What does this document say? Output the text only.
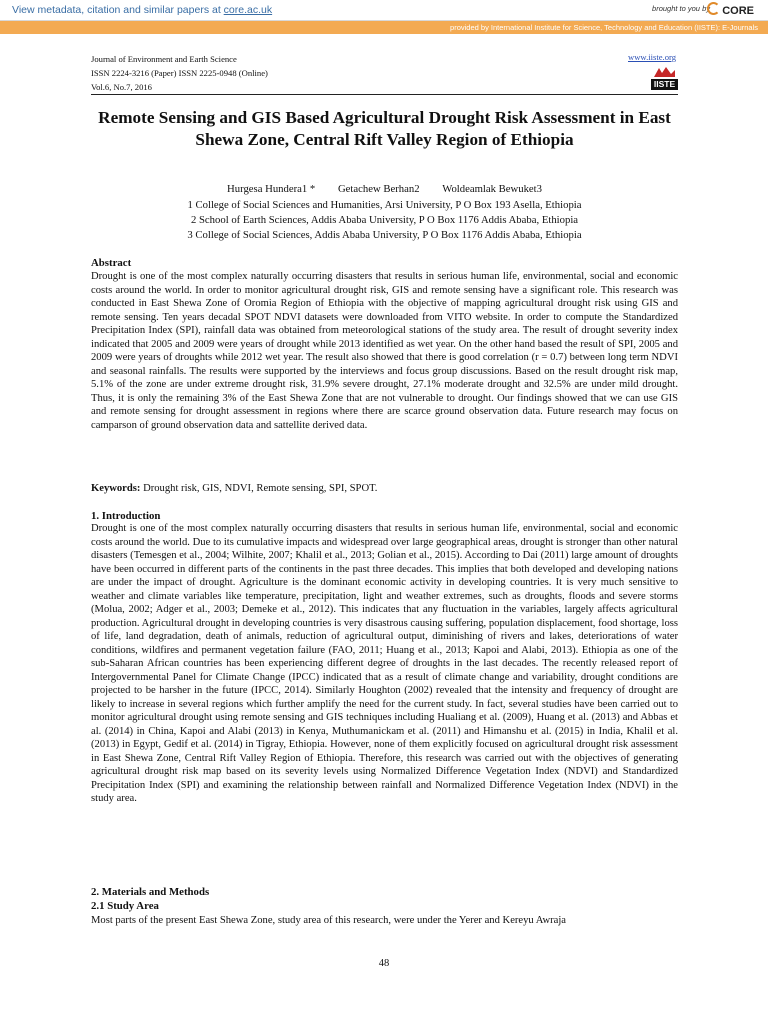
View metadata, citation and similar papers at core.ac.uk	brought to you by	CORE
provided by International Institute for Science, Technology and Education (IISTE): E-Journals
Journal of Environment and Earth Science
ISSN 2224-3216 (Paper) ISSN 2225-0948 (Online)
Vol.6, No.7, 2016
www.iiste.org
IISTE
Remote Sensing and GIS Based Agricultural Drought Risk Assessment in East Shewa Zone, Central Rift Valley Region of Ethiopia
Hurgesa Hundera1 * Getachew Berhan2 Woldeamlak Bewuket3
1 College of Social Sciences and Humanities, Arsi University, P O Box 193 Asella, Ethiopia
2 School of Earth Sciences, Addis Ababa University, P O Box 1176 Addis Ababa, Ethiopia
3 College of Social Sciences, Addis Ababa University, P O Box 1176 Addis Ababa, Ethiopia
Abstract
Drought is one of the most complex naturally occurring disasters that results in serious human life, environmental, social and economic costs around the world. In order to monitor agricultural drought risk, GIS and remote sensing have a significant role. This research was conducted in East Shewa Zone of Oromia Region of Ethiopia with the objective of mapping agricultural drought risk using GIS and remote sensing. Ten years decadal SPOT NDVI datasets were downloaded from VITO website. In order to compute the Standardized Precipitation Index (SPI), rainfall data was obtained from meteorological stations of the study area. The result of drought severity index indicated that 2005 and 2009 were years of drought while 2013 identified as wet year. On the other hand based the result of SPI, 2005 and 2009 were years of droughts while 2012 wet year. The result also showed that there is good correlation (r = 0.7) between long term NDVI and seasonal rainfalls. The results were supported by the interviews and focus group discussions. Based on the result drought risk map, 5.1% of the zone are under extreme drought risk, 31.9% severe drought, 27.1% moderate drought and 32.5% are under mild drought. Thus, it is only the remaining 3% of the East Shewa Zone that are not vulnerable to drought. Our findings showed that we can use GIS and remote sensing for drought assessment in regions where there are scarce ground observation data. Future research may focus on camparson of ground observation data and sattellite derived data.
Keywords: Drought risk, GIS, NDVI, Remote sensing, SPI, SPOT.
1. Introduction
Drought is one of the most complex naturally occurring disasters that results in serious human life, environmental, social and economic costs around the world. Due to its cumulative impacts and widespread over large geographical areas, drought is stronger than other natural disasters (Temesgen et al., 2004; Wilhite, 2007; Khalil et al., 2013; Golian et al., 2015). According to Dai (2011) large amount of droughts have been occurred in different parts of the continents in the past three decades. This implies that both developed and developing nations are under the impact of drought. Agriculture is the dominant economic activity in developing countries. It is very much sensitive to weather and climate variables like temperature, precipitation, light and weather extremes, such as droughts, floods and severe storms (Molua, 2002; Adger et al., 2003; Demeke et al., 2012). This indicates that any fluctuation in the variables, largely affects agricultural production. Agricultural drought in developing countries is very disastrous causing suffering, population displacement, food shortage, loss of life, land degradation, death of animals, reduction of agricultural output, diminishing of rivers and lakes, deteriorations of water conditions, wildfires and permanent vegetation failure (FAO, 2011; Huang et al., 2013; Kapoi and Alabi, 2013). Ethiopia as one of the sub-Saharan African countries has been experiencing different degree of droughts in the last decades. The recently released report of Intergovernmental Panel for Climate Change (IPCC) indicated that as a result of climate change and variability, drought conditions are projected to be harsher in the future (IPCC, 2014). Similarly Houghton (2002) revealed that the intensity and frequency of drought are likely to increase in several regions which further amplify the need for the current study. In fact, several studies have been carried out to monitor agricultural drought using remote sensing and GIS techniques including Hualiang et al. (2009), Huang et al. (2013) and Abbas et al. (2014) in China, Kapoi and Alabi (2013) in Kenya, Muthumanickam et al. (2011) and Himanshu et al. (2015) in India, Khalil et al. (2013) in Egypt, Gedif et al. (2014) in Tigray, Ethiopia. However, none of them explicitly focused on agricultural drought risk assessment in East Shewa Zone, Central Rift Valley Region of Ethiopia. Therefore, this research was carried out with the objectives of generating agricultural drought risk map based on its severity levels using Normalized Difference Vegetation Index (NDVI) and Standardized Precipitation Index (SPI) and examining the relationship between rainfall and Normalized Difference Vegetation Index (NDVI) in the study area.
2. Materials and Methods
2.1 Study Area
Most parts of the present East Shewa Zone, study area of this research, were under the Yerer and Kereyu Awraja
48
